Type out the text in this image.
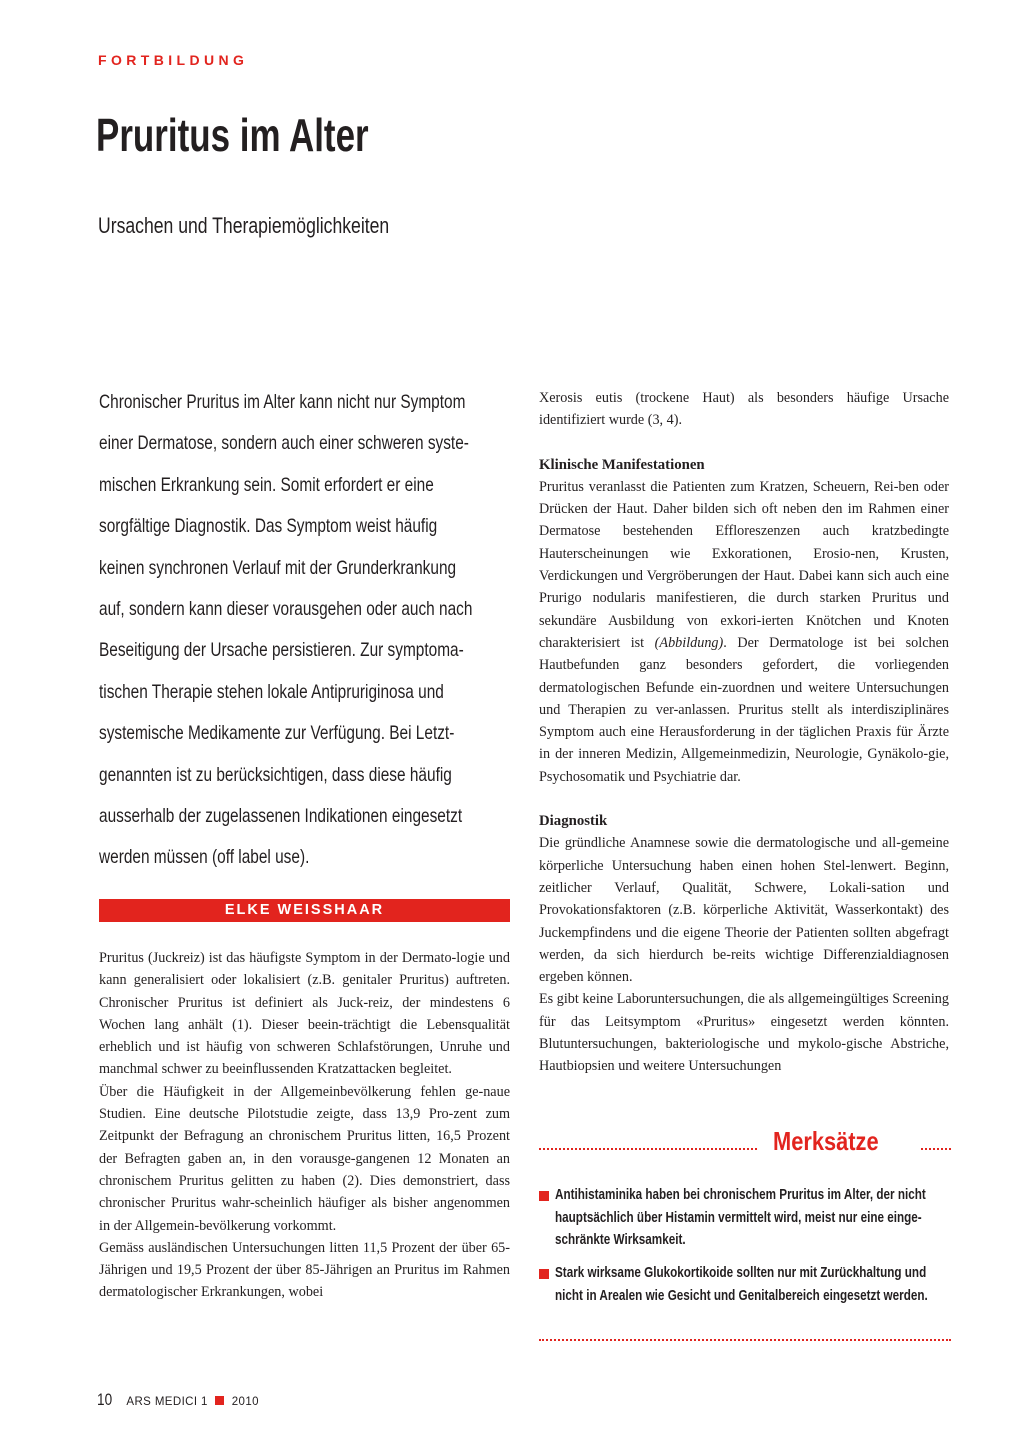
FORTBILDUNG
Pruritus im Alter
Ursachen und Therapiemöglichkeiten
Chronischer Pruritus im Alter kann nicht nur Symptom
einer Dermatose, sondern auch einer schweren syste-
mischen Erkrankung sein. Somit erfordert er eine
sorgfältige Diagnostik. Das Symptom weist häufig
keinen synchronen Verlauf mit der Grunderkrankung
auf, sondern kann dieser vorausgehen oder auch nach
Beseitigung der Ursache persistieren. Zur symptoma-
tischen Therapie stehen lokale Antipruriginosa und
systemische Medikamente zur Verfügung. Bei Letzt-
genannten ist zu berücksichtigen, dass diese häufig
ausserhalb der zugelassenen Indikationen eingesetzt
werden müssen (off label use).
ELKE WEISSHAAR

Pruritus (Juckreiz) ist das häufigste Symptom in der Dermato-logie und kann generalisiert oder lokalisiert (z.B. genitaler Pruritus) auftreten. Chronischer Pruritus ist definiert als Juck-reiz, der mindestens 6 Wochen lang anhält (1). Dieser beein-trächtigt die Lebensqualität erheblich und ist häufig von schweren Schlafstörungen, Unruhe und manchmal schwer zu beeinflussenden Kratzattacken begleitet.

Über die Häufigkeit in der Allgemeinbevölkerung fehlen ge-naue Studien. Eine deutsche Pilotstudie zeigte, dass 13,9 Pro-zent zum Zeitpunkt der Befragung an chronischem Pruritus litten, 16,5 Prozent der Befragten gaben an, in den vorausge-gangenen 12 Monaten an chronischem Pruritus gelitten zu haben (2). Dies demonstriert, dass chronischer Pruritus wahr-scheinlich häufiger als bisher angenommen in der Allgemein-bevölkerung vorkommt.

Gemäss ausländischen Untersuchungen litten 11,5 Prozent der über 65-Jährigen und 19,5 Prozent der über 85-Jährigen an Pruritus im Rahmen dermatologischer Erkrankungen, wobei

Xerosis eutis (trockene Haut) als besonders häufige Ursache identifiziert wurde (3, 4).

Klinische Manifestationen

Pruritus veranlasst die Patienten zum Kratzen, Scheuern, Rei-ben oder Drücken der Haut. Daher bilden sich oft neben den im Rahmen einer Dermatose bestehenden Effloreszenzen auch kratzbedingte Hauterscheinungen wie Exkorationen, Erosio-nen, Krusten, Verdickungen und Vergröberungen der Haut. Dabei kann sich auch eine Prurigo nodularis manifestieren, die durch starken Pruritus und sekundäre Ausbildung von exkori-ierten Knötchen und Knoten charakterisiert ist (Abbildung). Der Dermatologe ist bei solchen Hautbefunden ganz besonders gefordert, die vorliegenden dermatologischen Befunde ein-zuordnen und weitere Untersuchungen und Therapien zu ver-anlassen. Pruritus stellt als interdisziplinäres Symptom auch eine Herausforderung in der täglichen Praxis für Ärzte in der inneren Medizin, Allgemeinmedizin, Neurologie, Gynäkolo-gie, Psychosomatik und Psychiatrie dar.

Diagnostik

Die gründliche Anamnese sowie die dermatologische und all-gemeine körperliche Untersuchung haben einen hohen Stel-lenwert. Beginn, zeitlicher Verlauf, Qualität, Schwere, Lokali-sation und Provokationsfaktoren (z.B. körperliche Aktivität, Wasserkontakt) des Juckempfindens und die eigene Theorie der Patienten sollten abgefragt werden, da sich hierdurch be-reits wichtige Differenzialdiagnosen ergeben können.

Es gibt keine Laboruntersuchungen, die als allgemeingültiges Screening für das Leitsymptom «Pruritus» eingesetzt werden könnten. Blutuntersuchungen, bakteriologische und mykolo-gische Abstriche, Hautbiopsien und weitere Untersuchungen

Merksätze
Antihistaminika haben bei chronischem Pruritus im Alter, der nicht
hauptsächlich über Histamin vermittelt wird, meist nur eine einge-
schränkte Wirksamkeit.
Stark wirksame Glukokortikoide sollten nur mit Zurückhaltung und
nicht in Arealen wie Gesicht und Genitalbereich eingesetzt werden.
10 ARS MEDICI 1 2010
